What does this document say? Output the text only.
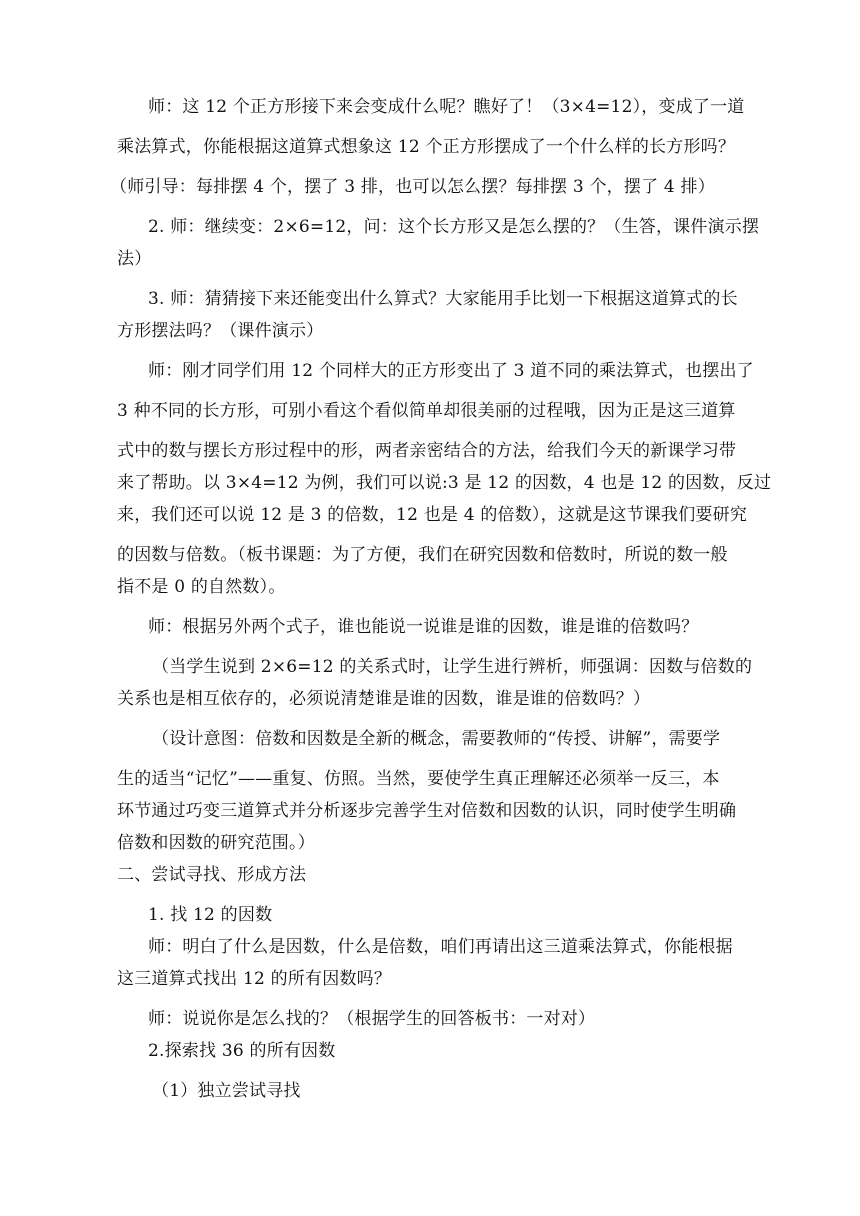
师：这 12 个正方形接下来会变成什么呢？瞧好了！（3×4=12），变成了一道
乘法算式，你能根据这道算式想象这 12 个正方形摆成了一个什么样的长方形吗？
（师引导：每排摆 4 个，摆了 3 排，也可以怎么摆？每排摆 3 个，摆了 4 排）
2. 师：继续变：2×6=12，问：这个长方形又是怎么摆的？（生答，课件演示摆
法）
3. 师：猜猜接下来还能变出什么算式？大家能用手比划一下根据这道算式的长
方形摆法吗？（课件演示）
师：刚才同学们用 12 个同样大的正方形变出了 3 道不同的乘法算式，也摆出了
3 种不同的长方形，可别小看这个看似简单却很美丽的过程哦，因为正是这三道算
式中的数与摆长方形过程中的形，两者亲密结合的方法，给我们今天的新课学习带
来了帮助。以 3×4=12 为例，我们可以说:3 是 12 的因数，4 也是 12 的因数，反过
来，我们还可以说 12 是 3 的倍数，12 也是 4 的倍数），这就是这节课我们要研究
的因数与倍数。（板书课题：为了方便，我们在研究因数和倍数时，所说的数一般
指不是 0 的自然数）。
师：根据另外两个式子，谁也能说一说谁是谁的因数，谁是谁的倍数吗？
（当学生说到 2×6=12 的关系式时，让学生进行辨析，师强调：因数与倍数的
关系也是相互依存的，必须说清楚谁是谁的因数，谁是谁的倍数吗？）
（设计意图：倍数和因数是全新的概念，需要教师的“传授、讲解”，需要学
生的适当“记忆”——重复、仿照。当然，要使学生真正理解还必须举一反三，本
环节通过巧变三道算式并分析逐步完善学生对倍数和因数的认识，同时使学生明确
倍数和因数的研究范围。）
二、尝试寻找、形成方法
1. 找 12 的因数
师：明白了什么是因数，什么是倍数，咱们再请出这三道乘法算式，你能根据
这三道算式找出 12 的所有因数吗？
师：说说你是怎么找的？（根据学生的回答板书：一对对）
2.探索找 36 的所有因数
（1）独立尝试寻找
